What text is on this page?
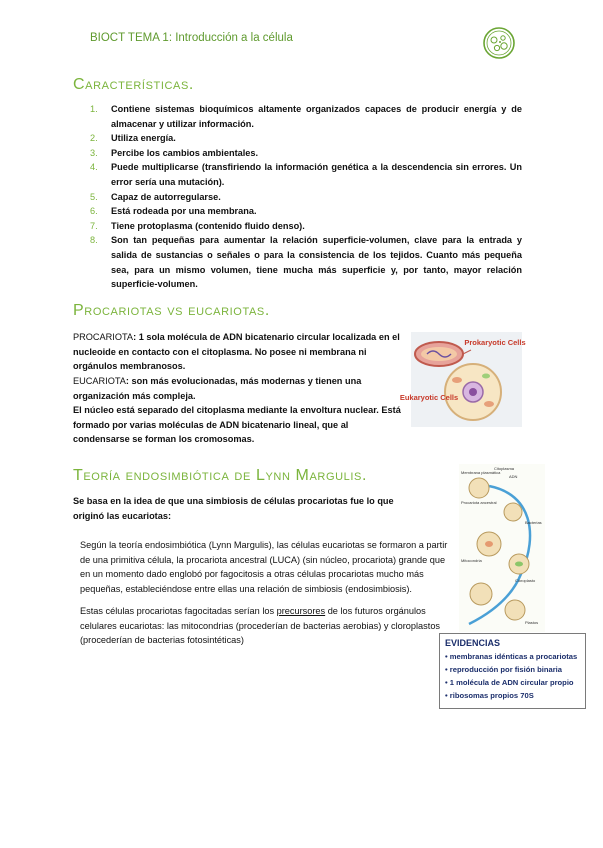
BIOCT TEMA 1: Introducción a la célula
Características.
1. Contiene sistemas bioquímicos altamente organizados capaces de producir energía y de almacenar y utilizar información.
2. Utiliza energía.
3. Percibe los cambios ambientales.
4. Puede multiplicarse (transfiriendo la información genética a la descendencia sin errores. Un error sería una mutación).
5. Capaz de autorregularse.
6. Está rodeada por una membrana.
7. Tiene protoplasma (contenido fluido denso).
8. Son tan pequeñas para aumentar la relación superficie-volumen, clave para la entrada y salida de sustancias o señales o para la consistencia de los tejidos. Cuanto más pequeña sea, para un mismo volumen, tiene mucha más superficie y, por tanto, mayor relación superficie-volumen.
Procariotas vs eucariotas.

PROCARIOTA: 1 sola molécula de ADN bicatenario circular localizada en el nucleoide en contacto con el citoplasma. No posee ni membrana ni orgánulos membranosos.

EUCARIOTA: son más evolucionadas, más modernas y tienen una organización más compleja.

El núcleo está separado del citoplasma mediante la envoltura nuclear. Está formado por varias moléculas de ADN bicatenario lineal, que al condensarse se forman los cromosomas.

Prokaryotic Cells
Eukaryotic Cells
Teoría endosimbiótica de Lynn Margulis.

Se basa en la idea de que una simbiosis de células procariotas fue lo que originó las eucariotas:

Según la teoría endosimbiótica (Lynn Margulis), las células eucariotas se formaron a partir de una primitiva célula, la procariota ancestral (LUCA) (sin núcleo, procariota) grande que en un momento dado englobó por fagocitosis a otras células procariotas mucho más pequeñas, estableciéndose entre ellas una relación de simbiosis (endosimbiosis).

Estas células procariotas fagocitadas serían los precursores de los futuros orgánulos celulares eucariotas: las mitocondrias (procederían de bacterias aerobias) y cloroplastos (procederían de bacterias fotosintéticas)

Citoplasma
ADN
Membrana plasmática
Procariota ancestral
Bacterias
Mitocondria
Cloroplasto
Plastos
EVIDENCIAS
• membranas idénticas a procariotas
• reproducción por fisión binaria
• 1 molécula de ADN circular propio
• ribosomas propios 70S
